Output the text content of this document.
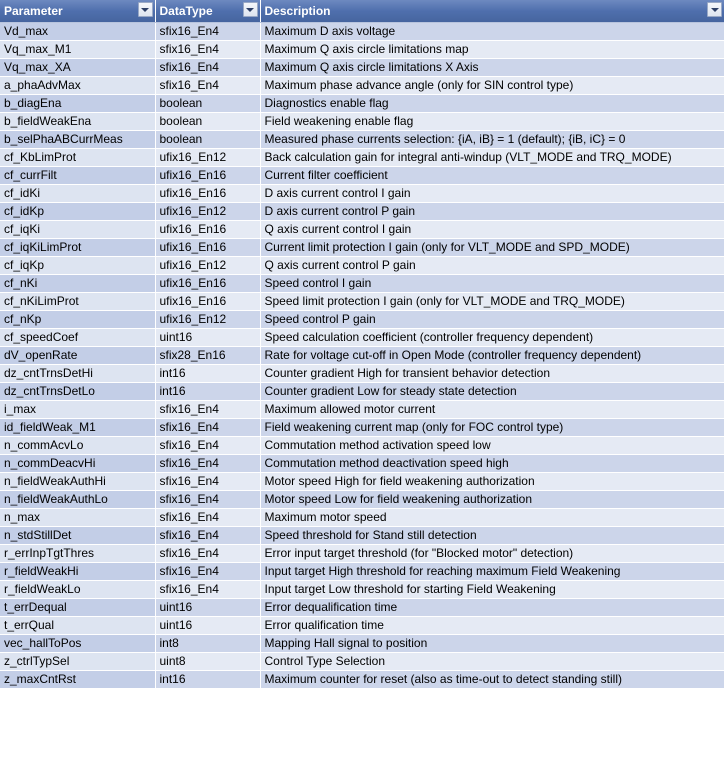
Parameter	DataType	Description

Vd_max	sfix16_En4	Maximum D axis voltage
Vq_max_M1	sfix16_En4	Maximum Q axis circle limitations map
Vq_max_XA	sfix16_En4	Maximum Q axis circle limitations X Axis
a_phaAdvMax	sfix16_En4	Maximum phase advance angle (only for SIN control type)
b_diagEna	boolean	Diagnostics enable flag
b_fieldWeakEna	boolean	Field weakening enable flag
b_selPhaABCurrMeas	boolean	Measured phase currents selection: {iA, iB} = 1 (default); {iB, iC} = 0
cf_KbLimProt	ufix16_En12	Back calculation gain for integral anti-windup (VLT_MODE and TRQ_MODE)
cf_currFilt	ufix16_En16	Current filter coefficient
cf_idKi	ufix16_En16	D axis current control I gain
cf_idKp	ufix16_En12	D axis current control P gain
cf_iqKi	ufix16_En16	Q axis current control I gain
cf_iqKiLimProt	ufix16_En16	Current limit protection I gain (only for VLT_MODE and SPD_MODE)
cf_iqKp	ufix16_En12	Q axis current control P gain
cf_nKi	ufix16_En16	Speed control I gain
cf_nKiLimProt	ufix16_En16	Speed limit protection I gain (only for VLT_MODE and TRQ_MODE)
cf_nKp	ufix16_En12	Speed control P gain
cf_speedCoef	uint16	Speed calculation coefficient (controller frequency dependent)
dV_openRate	sfix28_En16	Rate for voltage cut-off in Open Mode (controller frequency dependent)
dz_cntTrnsDetHi	int16	Counter gradient High for transient behavior detection
dz_cntTrnsDetLo	int16	Counter gradient Low for steady state detection
i_max	sfix16_En4	Maximum allowed motor current
id_fieldWeak_M1	sfix16_En4	Field weakening current map (only for FOC control type)
n_commAcvLo	sfix16_En4	Commutation method activation speed low
n_commDeacvHi	sfix16_En4	Commutation method deactivation speed high
n_fieldWeakAuthHi	sfix16_En4	Motor speed High for field weakening authorization
n_fieldWeakAuthLo	sfix16_En4	Motor speed Low for field weakening authorization
n_max	sfix16_En4	Maximum motor speed
n_stdStillDet	sfix16_En4	Speed threshold for Stand still detection
r_errInpTgtThres	sfix16_En4	Error input target threshold (for "Blocked motor" detection)
r_fieldWeakHi	sfix16_En4	Input target High threshold for reaching maximum Field Weakening
r_fieldWeakLo	sfix16_En4	Input target Low threshold for starting Field Weakening
t_errDequal	uint16	Error dequalification time
t_errQual	uint16	Error qualification time
vec_hallToPos	int8	Mapping Hall signal to position
z_ctrlTypSel	uint8	Control Type Selection
z_maxCntRst	int16	Maximum counter for reset (also as time-out to detect standing still)
